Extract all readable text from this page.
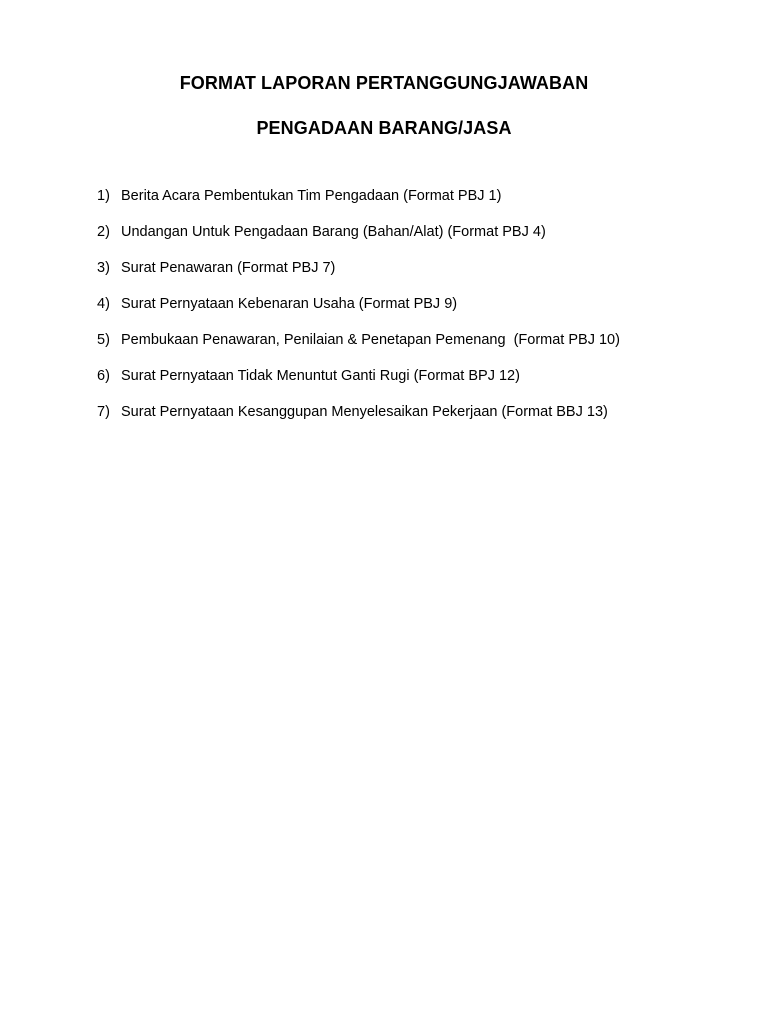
FORMAT LAPORAN PERTANGGUNGJAWABAN
PENGADAAN BARANG/JASA
1) Berita Acara Pembentukan Tim Pengadaan (Format PBJ 1)
2) Undangan Untuk Pengadaan Barang (Bahan/Alat) (Format PBJ 4)
3) Surat Penawaran (Format PBJ 7)
4) Surat Pernyataan Kebenaran Usaha (Format PBJ 9)
5) Pembukaan Penawaran, Penilaian & Penetapan Pemenang  (Format PBJ 10)
6) Surat Pernyataan Tidak Menuntut Ganti Rugi (Format BPJ 12)
7) Surat Pernyataan Kesanggupan Menyelesaikan Pekerjaan (Format BBJ 13)
